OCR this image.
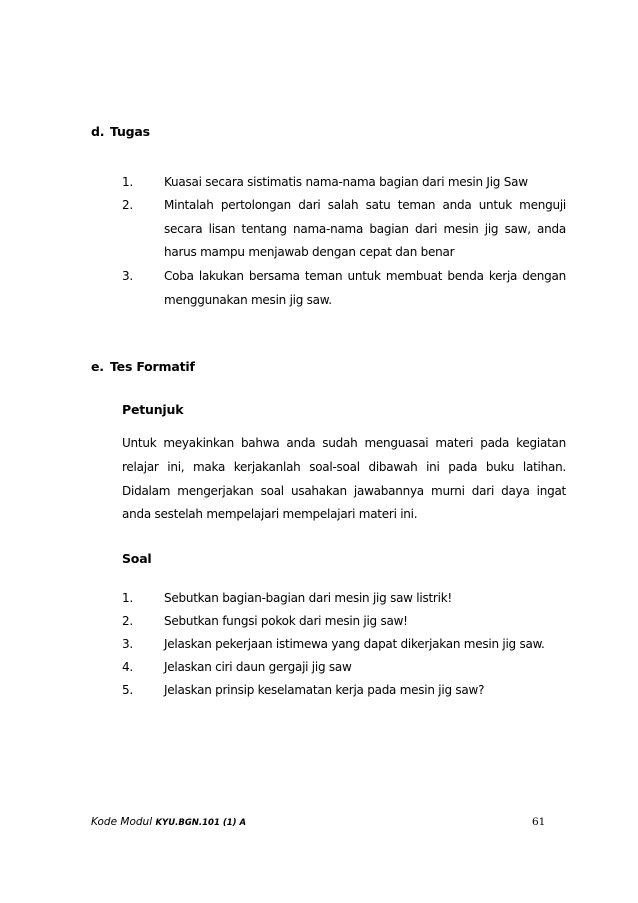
d. Tugas
1.	Kuasai secara sistimatis nama-nama bagian dari mesin Jig Saw
2.	Mintalah pertolongan dari salah satu teman anda untuk menguji secara lisan tentang nama-nama bagian dari mesin jig saw, anda harus mampu menjawab dengan cepat dan benar
3.	Coba lakukan bersama teman untuk membuat benda kerja dengan menggunakan mesin jig saw.
e. Tes Formatif
Petunjuk
Untuk meyakinkan bahwa anda sudah menguasai materi pada kegiatan relajar ini, maka kerjakanlah soal-soal dibawah ini pada buku latihan. Didalam mengerjakan soal usahakan jawabannya murni dari daya ingat anda sestelah mempelajari mempelajari materi ini.
Soal
1.	Sebutkan bagian-bagian dari mesin jig saw listrik!
2.	Sebutkan fungsi pokok dari mesin jig saw!
3.	Jelaskan pekerjaan istimewa yang dapat dikerjakan mesin jig saw.
4.	Jelaskan ciri daun gergaji jig saw
5.	Jelaskan prinsip keselamatan kerja pada mesin jig saw?
Kode Modul KYU.BGN.101 (1) A	61
